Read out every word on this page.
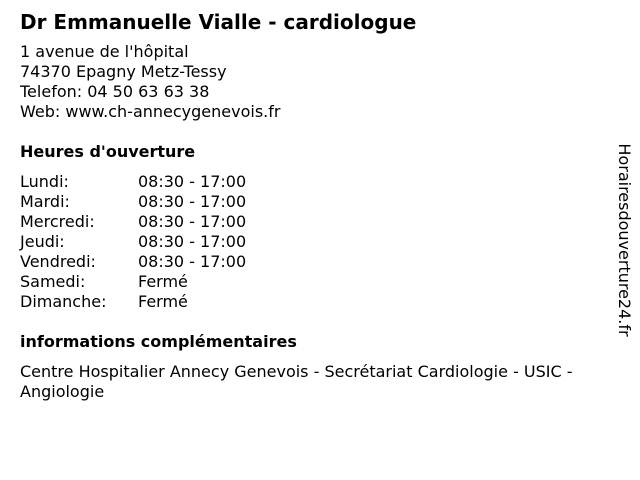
Dr Emmanuelle Vialle - cardiologue
1 avenue de l'hôpital
74370 Epagny Metz-Tessy
Telefon: 04 50 63 63 38
Web: www.ch-annecygenevois.fr
Heures d'ouverture
Lundi:	08:30 - 17:00
Mardi:	08:30 - 17:00
Mercredi:	08:30 - 17:00
Jeudi:	08:30 - 17:00
Vendredi:	08:30 - 17:00
Samedi:	Fermé
Dimanche:	Fermé
informations complémentaires
Centre Hospitalier Annecy Genevois - Secrétariat Cardiologie - USIC - Angiologie
Horairesdouverture24.fr
